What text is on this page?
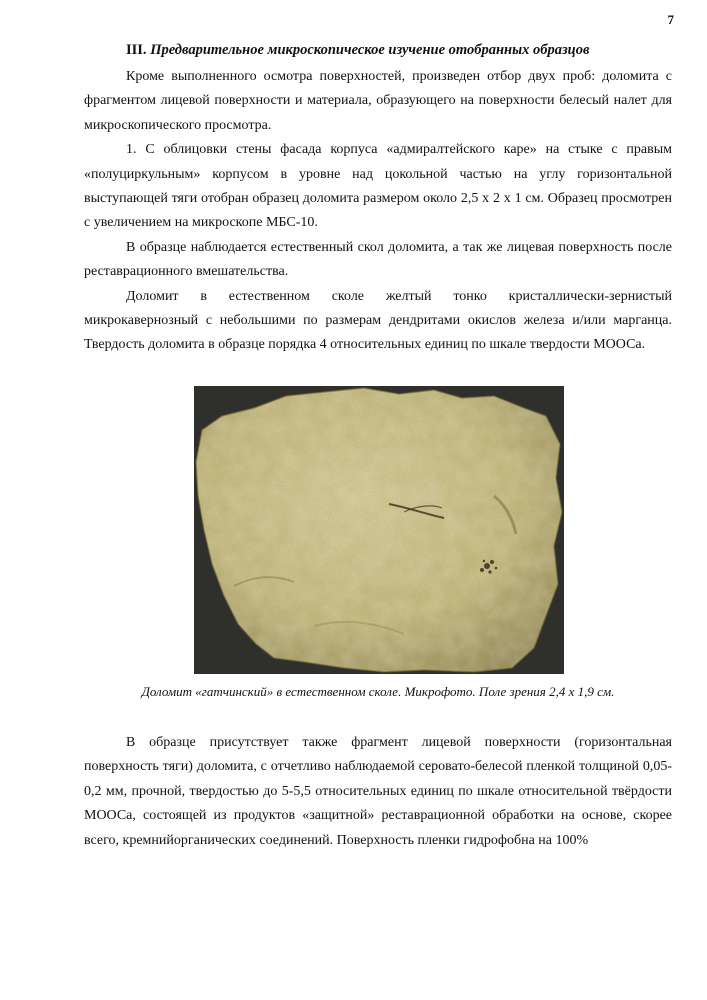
7
III. Предварительное микроскопическое изучение отобранных образцов

Кроме выполненного осмотра поверхностей, произведен отбор двух проб: доломита с фрагментом лицевой поверхности и материала, образующего на поверхности белесый налет для микроскопического просмотра.

1. С облицовки стены фасада корпуса «адмиралтейского каре» на стыке с правым «полуциркульным» корпусом в уровне над цокольной частью на углу горизонтальной выступающей тяги отобран образец доломита размером около 2,5 х 2 х 1 см. Образец просмотрен с увеличением на микроскопе МБС-10.

В образце наблюдается естественный скол доломита, а так же лицевая поверхность после реставрационного вмешательства.

Доломит в естественном сколе желтый тонко кристаллически-зернистый микрокавернозный с небольшими по размерам дендритами окислов железа и/или марганца. Твердость доломита в образце порядка 4 относительных единиц по шкале твердости МООСа.

Доломит «гатчинский» в естественном сколе. Микрофото. Поле зрения 2,4 х 1,9 см.

В образце присутствует также фрагмент лицевой поверхности (горизонтальная поверхность тяги) доломита, с отчетливо наблюдаемой серовато-белесой пленкой толщиной 0,05-0,2 мм, прочной, твердостью до 5-5,5 относительных единиц по шкале относительной твёрдости МООСа, состоящей из продуктов «защитной» реставрационной обработки на основе, скорее всего, кремнийорганических соединений. Поверхность пленки гидрофобна на 100%
